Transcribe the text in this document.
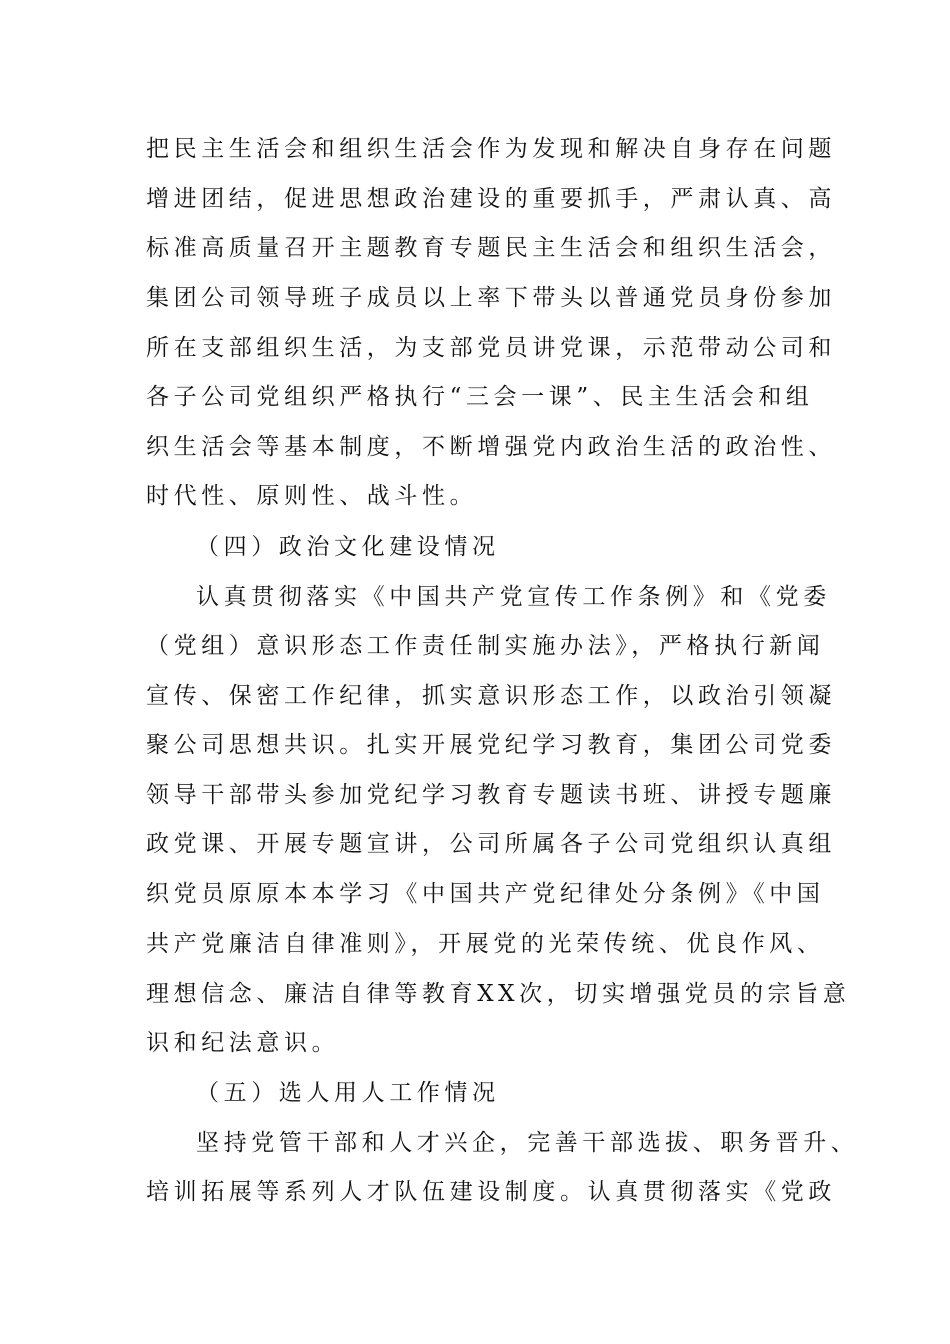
把民主生活会和组织生活会作为发现和解决自身存在问题
增进团结，促进思想政治建设的重要抓手，严肃认真、高
标准高质量召开主题教育专题民主生活会和组织生活会，
集团公司领导班子成员以上率下带头以普通党员身份参加
所在支部组织生活，为支部党员讲党课，示范带动公司和
各子公司党组织严格执行“三会一课”、民主生活会和组
织生活会等基本制度，不断增强党内政治生活的政治性、
时代性、原则性、战斗性。
（四）政治文化建设情况
认真贯彻落实《中国共产党宣传工作条例》和《党委
（党组）意识形态工作责任制实施办法》，严格执行新闻
宣传、保密工作纪律，抓实意识形态工作，以政治引领凝
聚公司思想共识。扎实开展党纪学习教育，集团公司党委
领导干部带头参加党纪学习教育专题读书班、讲授专题廉
政党课、开展专题宣讲，公司所属各子公司党组织认真组
织党员原原本本学习《中国共产党纪律处分条例》《中国
共产党廉洁自律准则》，开展党的光荣传统、优良作风、
理想信念、廉洁自律等教育XX次，切实增强党员的宗旨意
识和纪法意识。
（五）选人用人工作情况
坚持党管干部和人才兴企，完善干部选拔、职务晋升、
培训拓展等系列人才队伍建设制度。认真贯彻落实《党政
